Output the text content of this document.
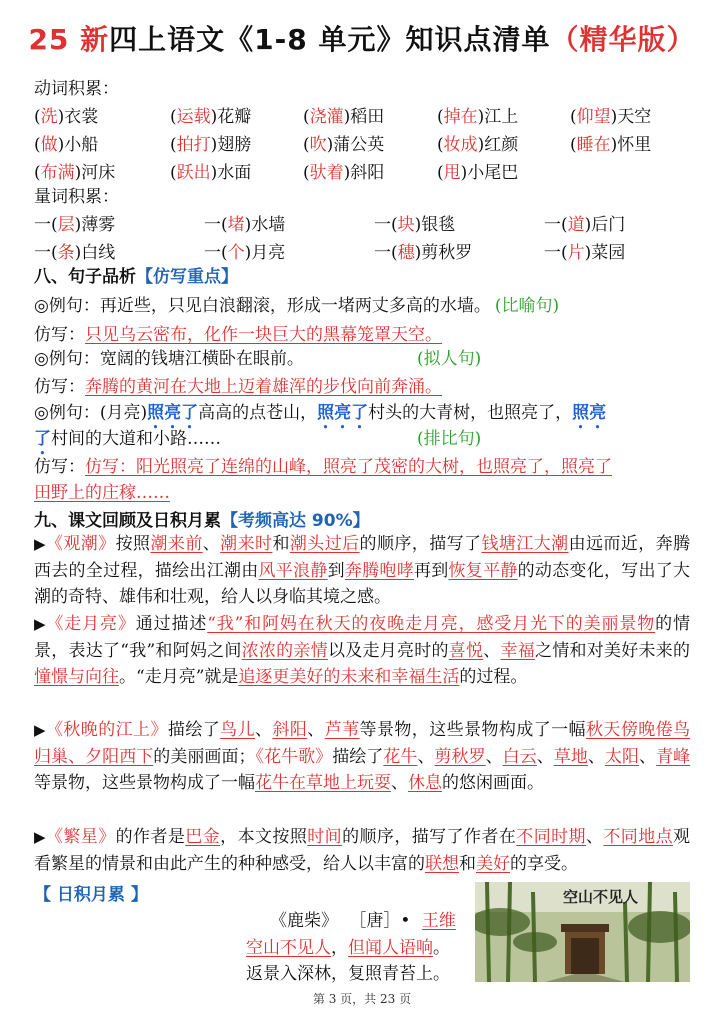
25 新四上语文《1-8 单元》知识点清单（精华版）
动词积累：
(洗)衣裳	(运载)花瓣	(浇灌)稻田	(掉在)江上	(仰望)天空
(做)小船	(拍打)翅膀	(吹)蒲公英	(妆成)红颜	(睡在)怀里
(布满)河床	(跃出)水面	(驮着)斜阳	(甩)小尾巴
量词积累：
一(层)薄雾	一(堵)水墙	一(块)银毯	一(道)后门
一(条)白线	一(个)月亮	一(穗)剪秋罗	一(片)菜园
八、句子品析【仿写重点】
◎例句：再近些，只见白浪翻滚，形成一堵两丈多高的水墙。 (比喻句)
仿写：只见乌云密布，化作一块巨大的黑幕笼罩天空。
◎例句：宽阔的钱塘江横卧在眼前。	(拟人句)
仿写：奔腾的黄河在大地上迈着雄浑的步伐向前奔涌。
◎例句：(月亮)照亮了高高的点苍山，照亮了村头的大青树，也照亮了，照亮
了村间的大道和小路……	(排比句)
仿写：仿写：阳光照亮了连绵的山峰，照亮了茂密的大树，也照亮了，照亮了
田野上的庄稼……
九、课文回顾及日积月累【考频高达 90%】
▶《观潮》按照潮来前、潮来时和潮头过后的顺序，描写了钱塘江大潮由远而近，奔腾西去的全过程，描绘出江潮由风平浪静到奔腾咆哮再到恢复平静的动态变化，写出了大潮的奇特、雄伟和壮观，给人以身临其境之感。
▶《走月亮》通过描述“我”和阿妈在秋天的夜晚走月亮，感受月光下的美丽景物的情景，表达了“我”和阿妈之间浓浓的亲情以及走月亮时的喜悦、幸福之情和对美好未来的憧憬与向往。“走月亮”就是追逐更美好的未来和幸福生活的过程。
▶《秋晚的江上》描绘了鸟儿、斜阳、芦苇等景物，这些景物构成了一幅秋天傍晚倦鸟归巢、夕阳西下的美丽画面；《花牛歌》描绘了花牛、剪秋罗、白云、草地、太阳、青峰等景物，这些景物构成了一幅花牛在草地上玩耍、休息的悠闲画面。
▶《繁星》的作者是巴金，本文按照时间的顺序，描写了作者在不同时期、不同地点观看繁星的情景和由此产生的种种感受，给人以丰富的联想和美好的享受。
【 日积月累 】
《鹿柴》 ［唐］• 王维
空山不见人，但闻人语响。
返景入深林，复照青苔上。
空山不见人
第 3 页，共 23 页
